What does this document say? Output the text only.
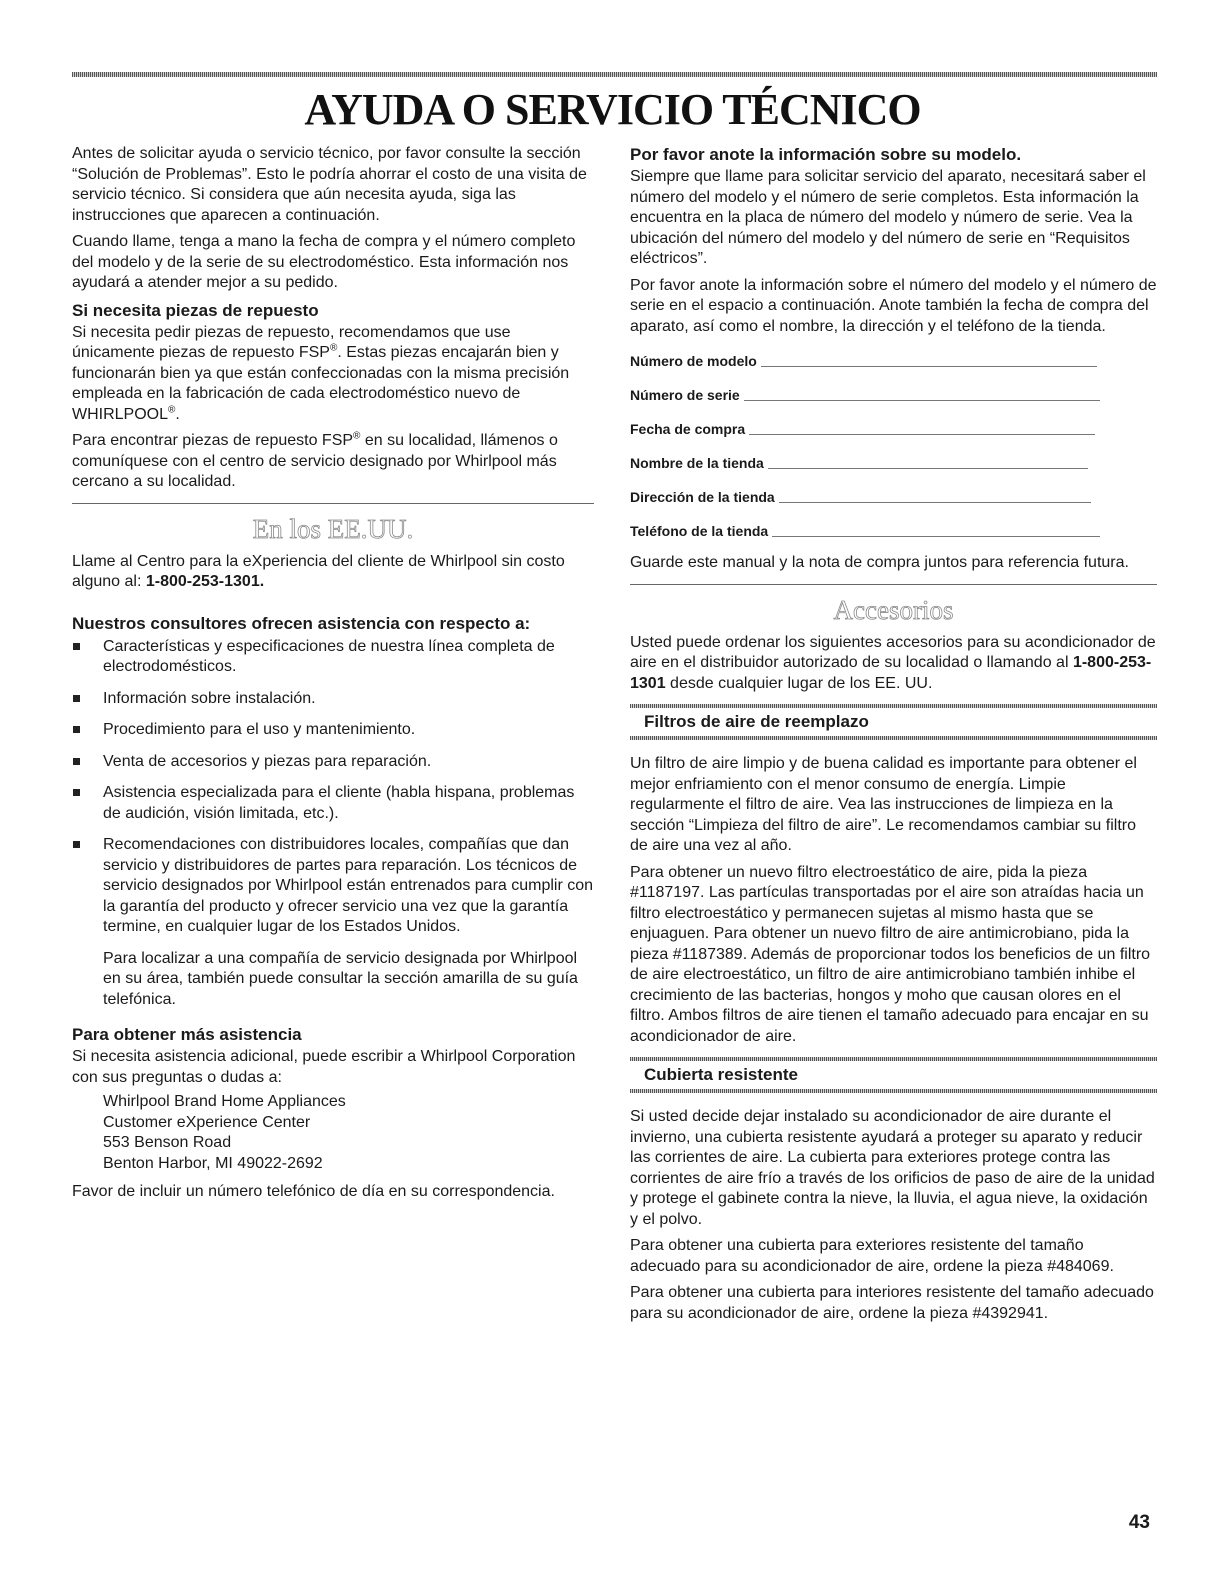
AYUDA O SERVICIO TÉCNICO

Antes de solicitar ayuda o servicio técnico, por favor consulte la sección “Solución de Problemas”. Esto le podría ahorrar el costo de una visita de servicio técnico. Si considera que aún necesita ayuda, siga las instrucciones que aparecen a continuación.

Cuando llame, tenga a mano la fecha de compra y el número completo del modelo y de la serie de su electrodoméstico. Esta información nos ayudará a atender mejor a su pedido.

Si necesita piezas de repuesto

Si necesita pedir piezas de repuesto, recomendamos que use únicamente piezas de repuesto FSP®. Estas piezas encajarán bien y funcionarán bien ya que están confeccionadas con la misma precisión empleada en la fabricación de cada electrodoméstico nuevo de WHIRLPOOL®.

Para encontrar piezas de repuesto FSP® en su localidad, llámenos o comuníquese con el centro de servicio designado por Whirlpool más cercano a su localidad.

En los EE.UU.

Llame al Centro para la eXperiencia del cliente de Whirlpool sin costo alguno al: 1-800-253-1301.

Nuestros consultores ofrecen asistencia con respecto a:

Características y especificaciones de nuestra línea completa de electrodomésticos.

Información sobre instalación.

Procedimiento para el uso y mantenimiento.

Venta de accesorios y piezas para reparación.

Asistencia especializada para el cliente (habla hispana, problemas de audición, visión limitada, etc.).

Recomendaciones con distribuidores locales, compañías que dan servicio y distribuidores de partes para reparación. Los técnicos de servicio designados por Whirlpool están entrenados para cumplir con la garantía del producto y ofrecer servicio una vez que la garantía termine, en cualquier lugar de los Estados Unidos.

Para localizar a una compañía de servicio designada por Whirlpool en su área, también puede consultar la sección amarilla de su guía telefónica.

Para obtener más asistencia

Si necesita asistencia adicional, puede escribir a Whirlpool Corporation con sus preguntas o dudas a:

Whirlpool Brand Home Appliances
Customer eXperience Center
553 Benson Road
Benton Harbor, MI 49022-2692

Favor de incluir un número telefónico de día en su correspondencia.

Por favor anote la información sobre su modelo.

Siempre que llame para solicitar servicio del aparato, necesitará saber el número del modelo y el número de serie completos. Esta información la encuentra en la placa de número del modelo y número de serie. Vea la ubicación del número del modelo y del número de serie en “Requisitos eléctricos”.

Por favor anote la información sobre el número del modelo y el número de serie en el espacio a continuación. Anote también la fecha de compra del aparato, así como el nombre, la dirección y el teléfono de la tienda.

Número de modelo
Número de serie
Fecha de compra
Nombre de la tienda
Dirección de la tienda
Teléfono de la tienda

Guarde este manual y la nota de compra juntos para referencia futura.

Accesorios

Usted puede ordenar los siguientes accesorios para su acondicionador de aire en el distribuidor autorizado de su localidad o llamando al 1-800-253-1301 desde cualquier lugar de los EE. UU.

Filtros de aire de reemplazo

Un filtro de aire limpio y de buena calidad es importante para obtener el mejor enfriamiento con el menor consumo de energía. Limpie regularmente el filtro de aire. Vea las instrucciones de limpieza en la sección “Limpieza del filtro de aire”. Le recomendamos cambiar su filtro de aire una vez al año.

Para obtener un nuevo filtro electroestático de aire, pida la pieza #1187197. Las partículas transportadas por el aire son atraídas hacia un filtro electroestático y permanecen sujetas al mismo hasta que se enjuaguen. Para obtener un nuevo filtro de aire antimicrobiano, pida la pieza #1187389. Además de proporcionar todos los beneficios de un filtro de aire electroestático, un filtro de aire antimicrobiano también inhibe el crecimiento de las bacterias, hongos y moho que causan olores en el filtro. Ambos filtros de aire tienen el tamaño adecuado para encajar en su acondicionador de aire.

Cubierta resistente

Si usted decide dejar instalado su acondicionador de aire durante el invierno, una cubierta resistente ayudará a proteger su aparato y reducir las corrientes de aire. La cubierta para exteriores protege contra las corrientes de aire frío a través de los orificios de paso de aire de la unidad y protege el gabinete contra la nieve, la lluvia, el agua nieve, la oxidación y el polvo.

Para obtener una cubierta para exteriores resistente del tamaño adecuado para su acondicionador de aire, ordene la pieza #484069.

Para obtener una cubierta para interiores resistente del tamaño adecuado para su acondicionador de aire, ordene la pieza #4392941.

43
